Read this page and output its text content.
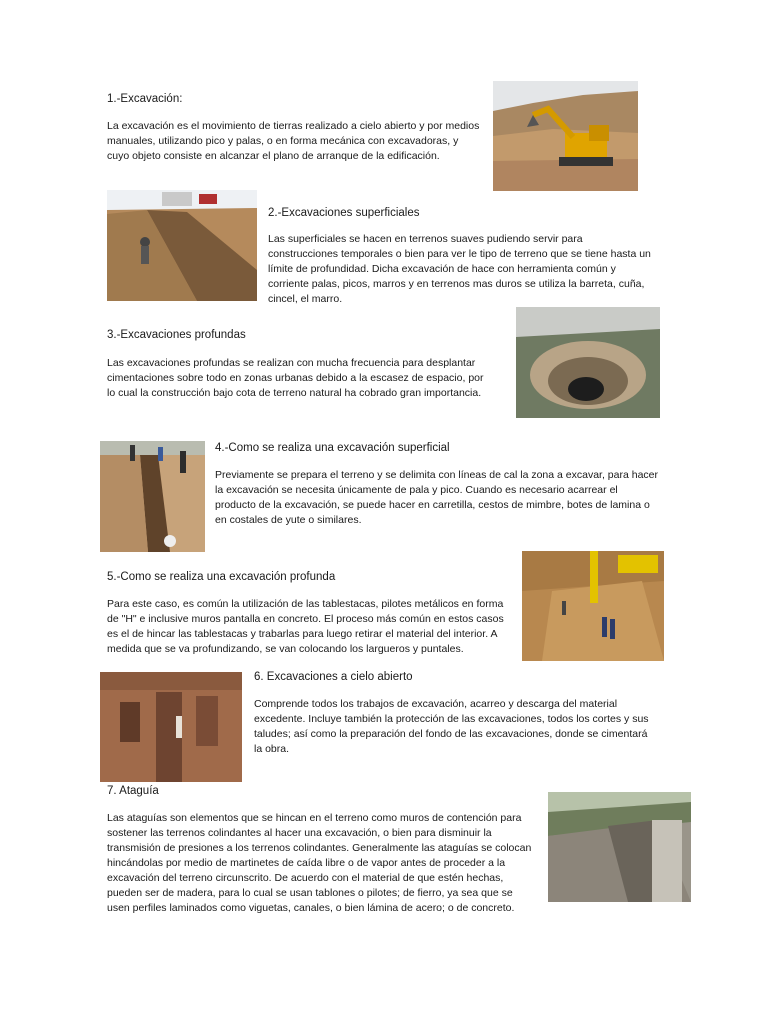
1.-Excavación:
La excavación es el movimiento de tierras realizado a cielo abierto y por medios manuales, utilizando pico y palas, o en forma mecánica con excavadoras, y cuyo objeto consiste en alcanzar el plano de arranque de la edificación.
2.-Excavaciones superficiales
Las superficiales se hacen en terrenos suaves pudiendo servir para construcciones temporales o bien para ver le tipo de terreno que se tiene hasta un límite de profundidad. Dicha excavación de hace con herramienta común y corriente palas, picos, marros y en terrenos mas duros se utiliza la barreta, cuña, cincel, el marro.
3.-Excavaciones profundas
Las excavaciones profundas se realizan con mucha frecuencia para desplantar cimentaciones sobre todo en zonas urbanas debido a la escasez de espacio, por lo cual la construcción bajo cota de terreno natural ha cobrado gran importancia.
4.-Como se realiza una excavación superficial
Previamente se prepara el terreno y se delimita con líneas de cal la zona a excavar, para hacer la excavación se necesita únicamente de pala y pico. Cuando es necesario acarrear el producto de la excavación, se puede hacer en carretilla, cestos de mimbre, botes de lamina o en costales de yute o similares.
5.-Como se realiza una excavación profunda
Para este caso, es común la utilización de las tablestacas, pilotes metálicos en forma de "H" e inclusive muros pantalla en concreto. El proceso más común en estos casos es el de hincar las tablestacas y trabarlas para luego retirar el material del interior. A medida que se va profundizando, se van colocando los largueros y puntales.
6. Excavaciones a cielo abierto
Comprende todos los trabajos de excavación, acarreo y descarga del material excedente. Incluye también la protección de las excavaciones, todos los cortes y sus taludes; así como la preparación del fondo de las excavaciones, donde se cimentará la obra.
7. Ataguía
Las ataguías son elementos que se hincan en el terreno como muros de contención para sostener las terrenos colindantes al hacer una excavación, o bien para disminuir la transmisión de presiones a los terrenos colindantes. Generalmente las ataguías se colocan hincándolas por medio de martinetes de caída libre o de vapor antes de proceder a la excavación del terreno circunscrito. De acuerdo con el material de que estén hechas, pueden ser de madera, para lo cual se usan tablones o pilotes; de fierro, ya sea que se usen perfiles laminados como viguetas, canales, o bien lámina de acero; o de concreto.
